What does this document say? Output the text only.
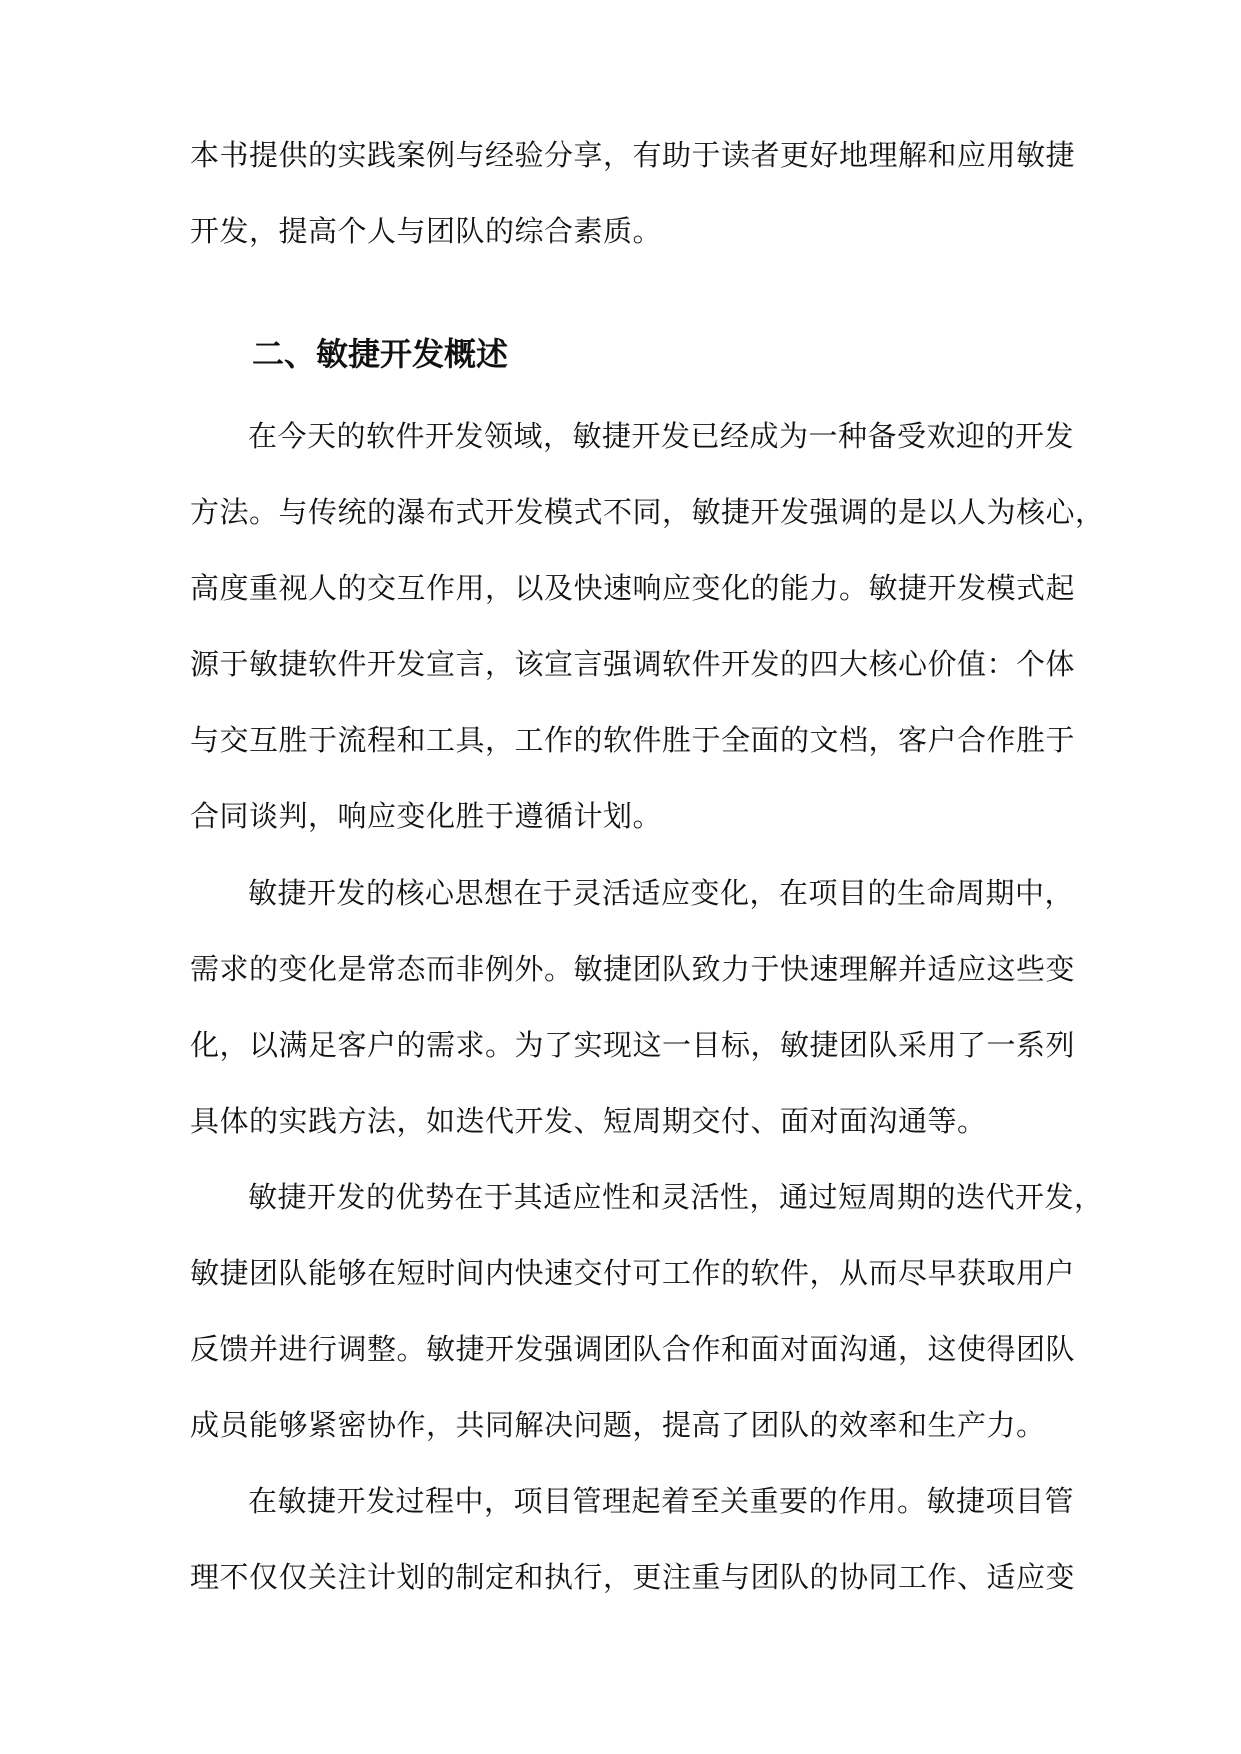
本书提供的实践案例与经验分享，有助于读者更好地理解和应用敏捷
开发，提高个人与团队的综合素质。
二、敏捷开发概述
在今天的软件开发领域，敏捷开发已经成为一种备受欢迎的开发
方法。与传统的瀑布式开发模式不同，敏捷开发强调的是以人为核心，
高度重视人的交互作用，以及快速响应变化的能力。敏捷开发模式起
源于敏捷软件开发宣言，该宣言强调软件开发的四大核心价值：个体
与交互胜于流程和工具，工作的软件胜于全面的文档，客户合作胜于
合同谈判，响应变化胜于遵循计划。
敏捷开发的核心思想在于灵活适应变化，在项目的生命周期中，
需求的变化是常态而非例外。敏捷团队致力于快速理解并适应这些变
化，以满足客户的需求。为了实现这一目标，敏捷团队采用了一系列
具体的实践方法，如迭代开发、短周期交付、面对面沟通等。
敏捷开发的优势在于其适应性和灵活性，通过短周期的迭代开发，
敏捷团队能够在短时间内快速交付可工作的软件，从而尽早获取用户
反馈并进行调整。敏捷开发强调团队合作和面对面沟通，这使得团队
成员能够紧密协作，共同解决问题，提高了团队的效率和生产力。
在敏捷开发过程中，项目管理起着至关重要的作用。敏捷项目管
理不仅仅关注计划的制定和执行，更注重与团队的协同工作、适应变
